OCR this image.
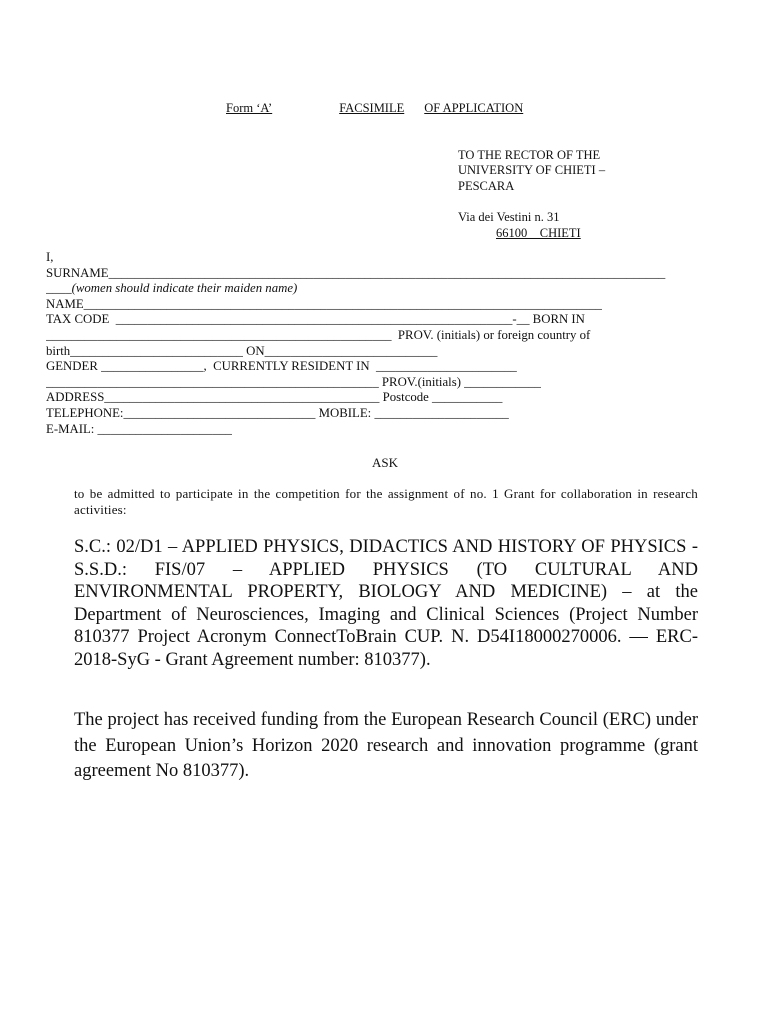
Form ‘A’	FACSIMILE OF APPLICATION
TO THE RECTOR OF THE
UNIVERSITY OF CHIETI –
PESCARA
Via dei Vestini n. 31
66100    CHIETI
I,
SURNAME_______________________________________________________________________________________
____(women should indicate their maiden name)
NAME_________________________________________________________________________________
TAX CODE  ______________________________________________________________-__ BORN IN
______________________________________________________  PROV. (initials) or foreign country of
birth___________________________ ON___________________________
GENDER ________________,  CURRENTLY RESIDENT IN  ______________________
____________________________________________________ PROV.(initials) ____________
ADDRESS___________________________________________ Postcode ___________
TELEPHONE:______________________________ MOBILE: _____________________
E-MAIL: _____________________
ASK
to be admitted to participate in the competition for the assignment of no. 1 Grant for collaboration in research activities:
S.C.: 02/D1 – APPLIED PHYSICS, DIDACTICS AND HISTORY OF PHYSICS - S.S.D.: FIS/07 – APPLIED PHYSICS (TO CULTURAL AND ENVIRONMENTAL PROPERTY, BIOLOGY AND MEDICINE) – at the Department of Neurosciences, Imaging and Clinical Sciences (Project Number 810377 Project Acronym ConnectToBrain CUP. N. D54I18000270006. — ERC-2018-SyG - Grant Agreement number: 810377).
The project has received funding from the European Research Council (ERC) under the European Union’s Horizon 2020 research and innovation programme (grant agreement No 810377).
